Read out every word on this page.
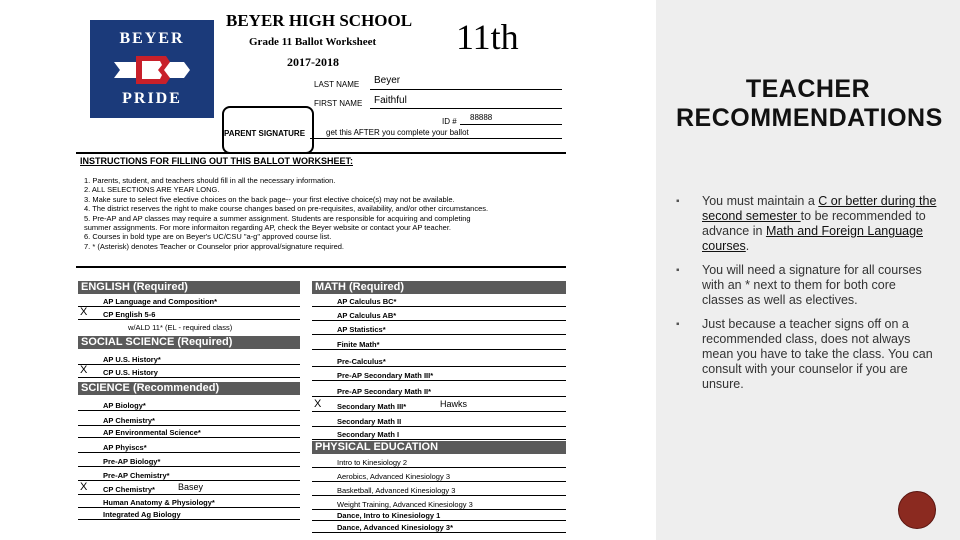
BEYER
PRIDE
BEYER HIGH SCHOOL
Grade 11 Ballot Worksheet
2017-2018
11th
LAST NAME Beyer
FIRST NAME Faithful
ID # 88888
PARENT SIGNATURE	get this AFTER you complete your ballot
INSTRUCTIONS FOR FILLING OUT THIS BALLOT WORKSHEET:
1. Parents, student, and teachers should fill in all the necessary information.
2. ALL SELECTIONS ARE YEAR LONG.
3. Make sure to select five elective choices on the back page-- your first elective choice(s) may not be available.
4. The district reserves the right to make course changes based on pre-requisites, availability, and/or other circumstances.
5. Pre-AP and AP classes may require a summer assignment. Students are responsible for acquiring and completing
summer assignments. For more informaiton regarding AP, check the Beyer website or contact your AP teacher.
6. Courses in bold type are on Beyer's UC/CSU "a-g" approved course list.
7. * (Asterisk) denotes Teacher or Counselor prior approval/signature required.
ENGLISH (Required)
AP Language and Composition*
X CP English 5-6
w/ALD 11* (EL - required class)
SOCIAL SCIENCE (Required)
AP U.S. History*
X CP U.S. History
SCIENCE (Recommended)
AP Biology*
AP Chemistry*
AP Environmental Science*
AP Phyiscs*
Pre-AP Biology*
Pre-AP Chemistry*
X CP Chemistry*	Basey
Human Anatomy & Physiology*
Integrated Ag Biology
MATH (Required)
AP Calculus BC*
AP Calculus AB*
AP Statistics*
Finite Math*
Pre-Calculus*
Pre-AP Secondary Math III*
Pre-AP Secondary Math II*
X Secondary Math III*	Hawks
Secondary Math II
Secondary Math I
PHYSICAL EDUCATION
Intro to Kinesiology 2
Aerobics, Advanced Kinesiology 3
Basketball, Advanced Kinesiology 3
Weight Training, Advanced Kinesiology 3
Dance, Intro to Kinesiology 1
Dance, Advanced Kinesiology 3*
TEACHER RECOMMENDATIONS
▪ You must maintain a C or better during the second semester to be recommended to advance in Math and Foreign Language courses.
▪ You will need a signature for all courses with an * next to them for both core classes as well as electives.
▪ Just because a teacher signs off on a recommended class, does not always mean you have to take the class. You can consult with your counselor if you are unsure.
